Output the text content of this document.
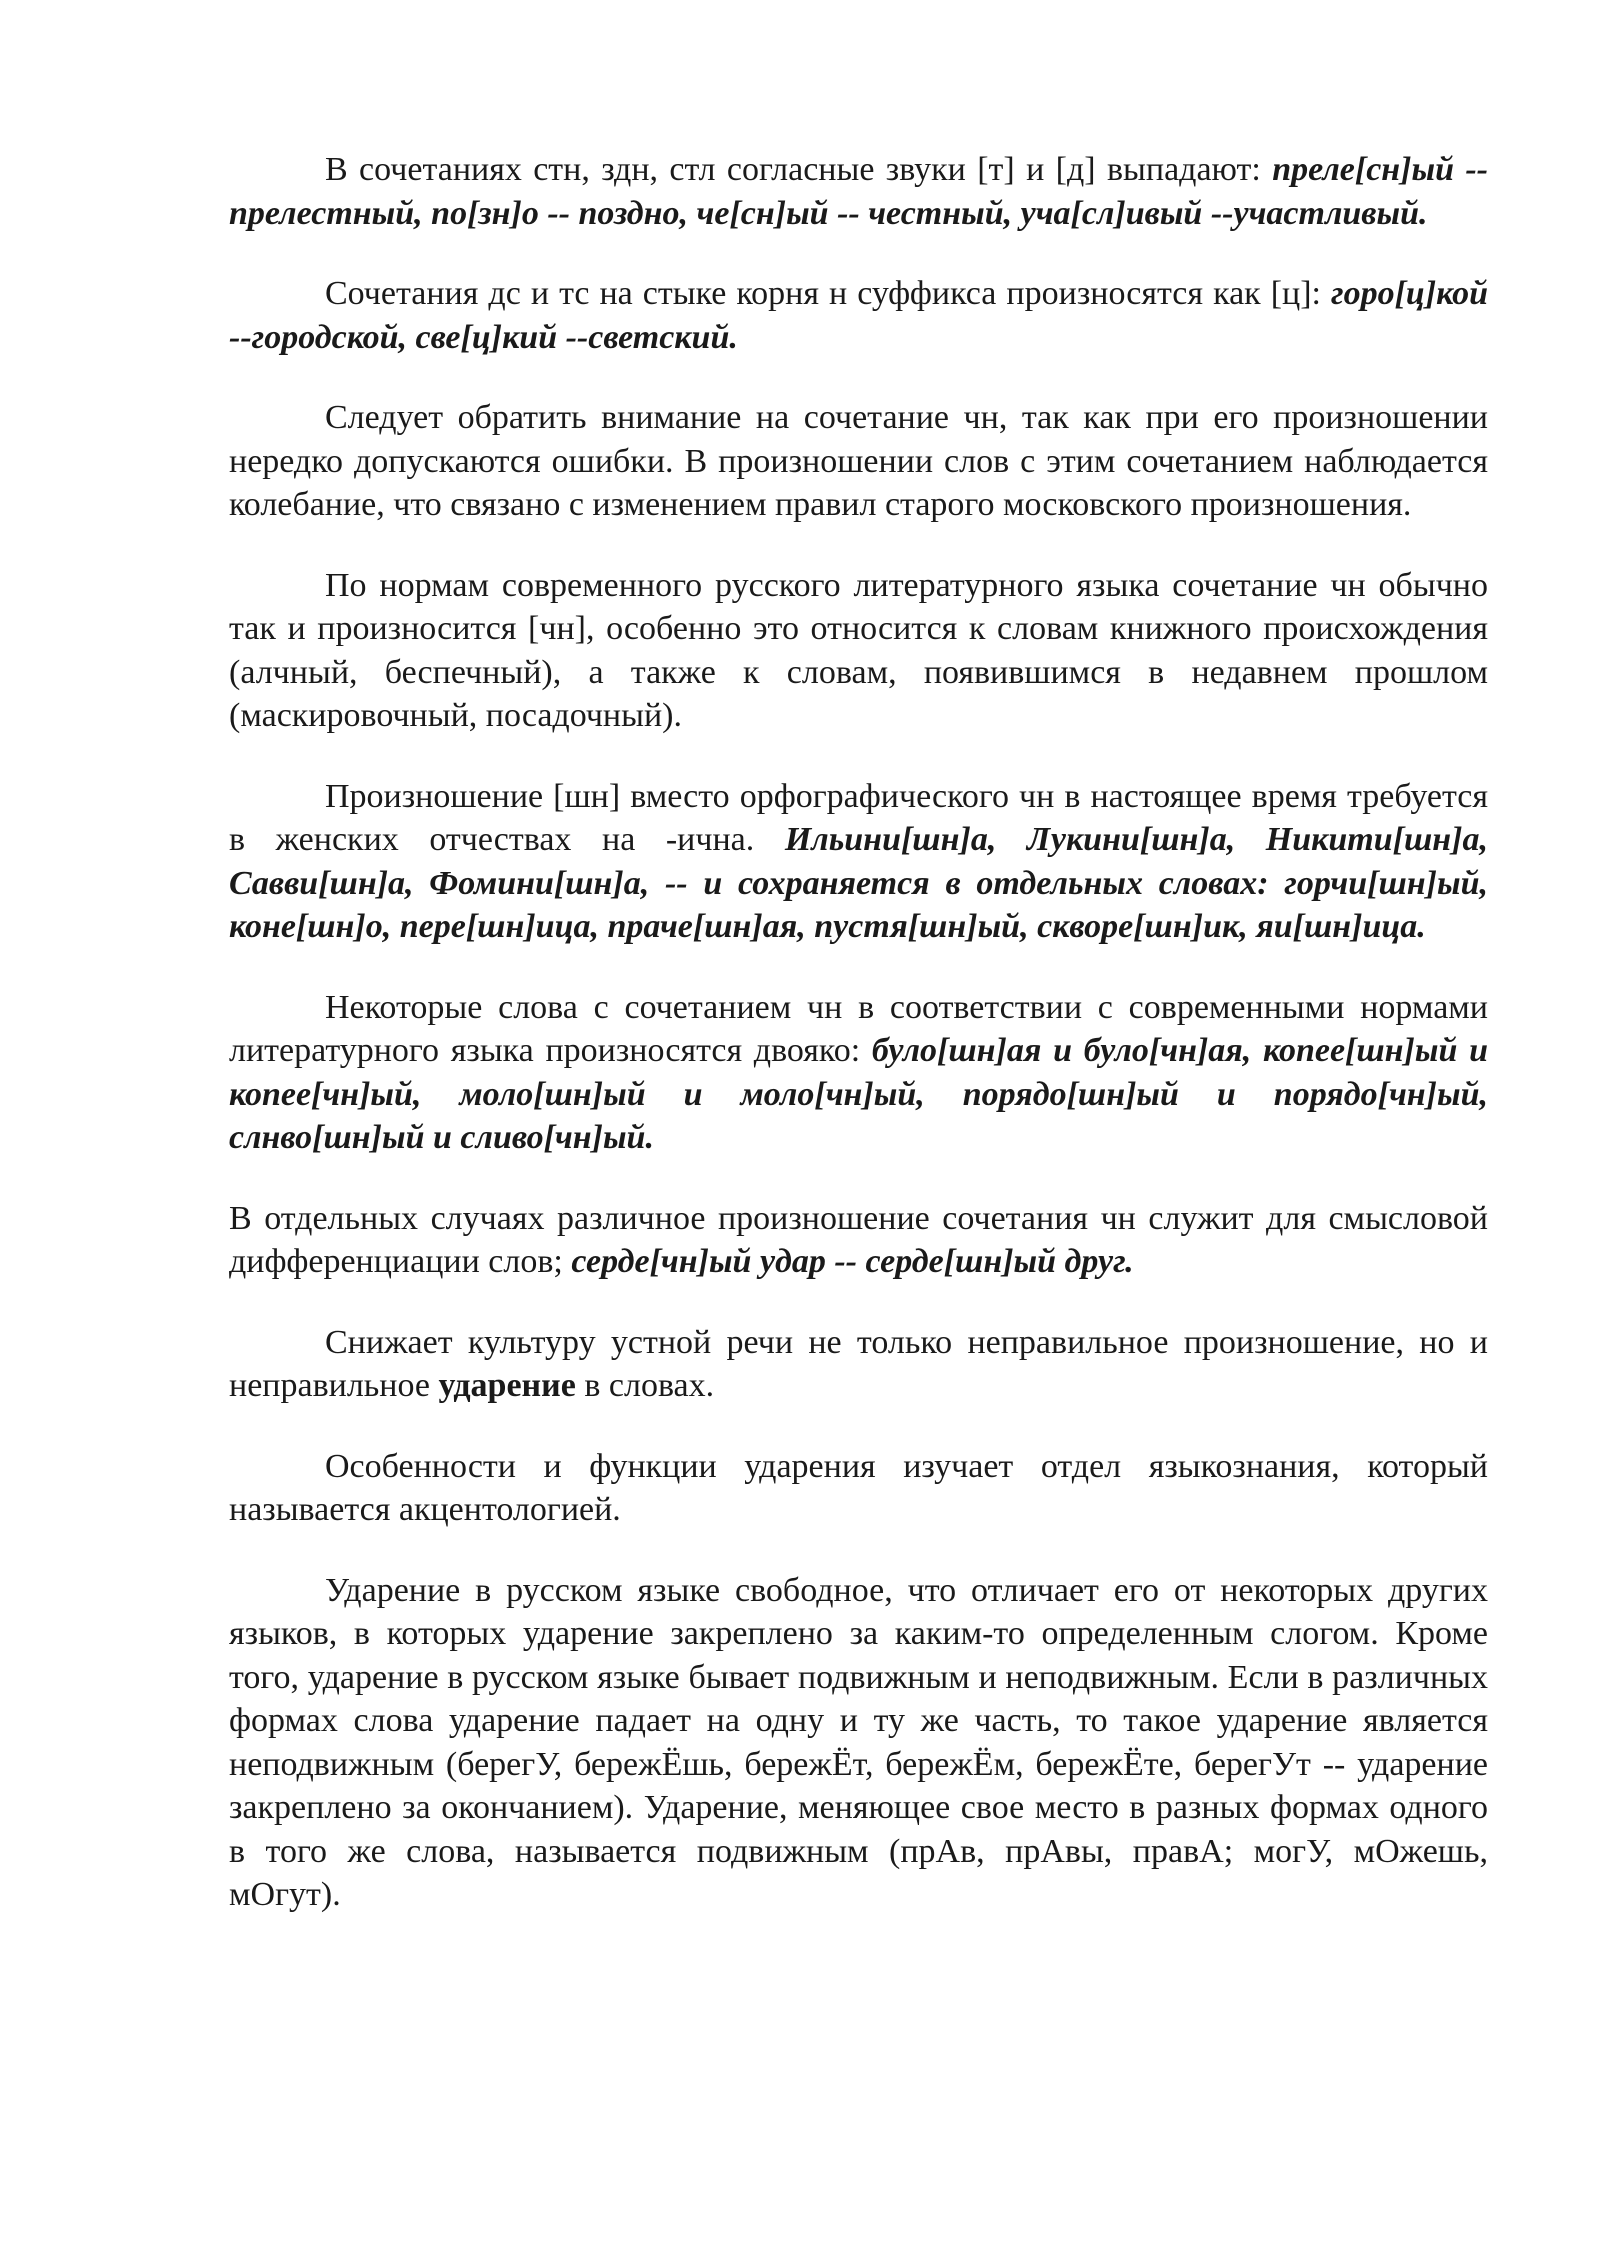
В сочетаниях стн, здн, стл согласные звуки [т] и [д] выпадают: преле[сн]ый -- прелестный, по[зн]о -- поздно, че[сн]ый -- честный, уча[сл]ивый --участливый.

Сочетания дс и тс на стыке корня н суффикса произносятся как [ц]: горо[ц]кой --городской, све[ц]кий --светский.

Следует обратить внимание на сочетание чн, так как при его произношении нередко допускаются ошибки. В произношении слов с этим сочетанием наблюдается колебание, что связано с изменением правил старого московского произношения.

По нормам современного русского литературного языка сочетание чн обычно так и произносится [чн], особенно это относится к словам книжного происхождения (алчный, беспечный), а также к словам, появившимся в недавнем прошлом (маскировочный, посадочный).

Произношение [шн] вместо орфографического чн в настоящее время требуется в женских отчествах на -ична. Ильини[шн]а, Лукини[шн]а, Никити[шн]а, Савви[шн]а, Фомини[шн]а, -- и сохраняется в отдельных словах: горчи[шн]ый, коне[шн]о, пере[шн]ица, праче[шн]ая, пустя[шн]ый, скворе[шн]ик, яи[шн]ица.

Некоторые слова с сочетанием чн в соответствии с современными нормами литературного языка произносятся двояко: було[шн]ая и було[чн]ая, копее[шн]ый и копее[чн]ый, моло[шн]ый и моло[чн]ый, порядо[шн]ый и порядо[чн]ый, слнво[шн]ый и сливо[чн]ый.

В отдельных случаях различное произношение сочетания чн служит для смысловой дифференциации слов; серде[чн]ый удар -- серде[шн]ый друг.

Снижает культуру устной речи не только неправильное произношение, но и неправильное ударение в словах.

Особенности и функции ударения изучает отдел языкознания, который называется акцентологией.

Ударение в русском языке свободное, что отличает его от некоторых других языков, в которых ударение закреплено за каким-то определенным слогом. Кроме того, ударение в русском языке бывает подвижным и неподвижным. Если в различных формах слова ударение падает на одну и ту же часть, то такое ударение является неподвижным (берегУ, бережЁшь, бережЁт, бережЁм, бережЁте, берегУт -- ударение закреплено за окончанием). Ударение, меняющее свое место в разных формах одного в того же слова, называется подвижным (прАв, прАвы, правА; могУ, мОжешь, мОгут).
